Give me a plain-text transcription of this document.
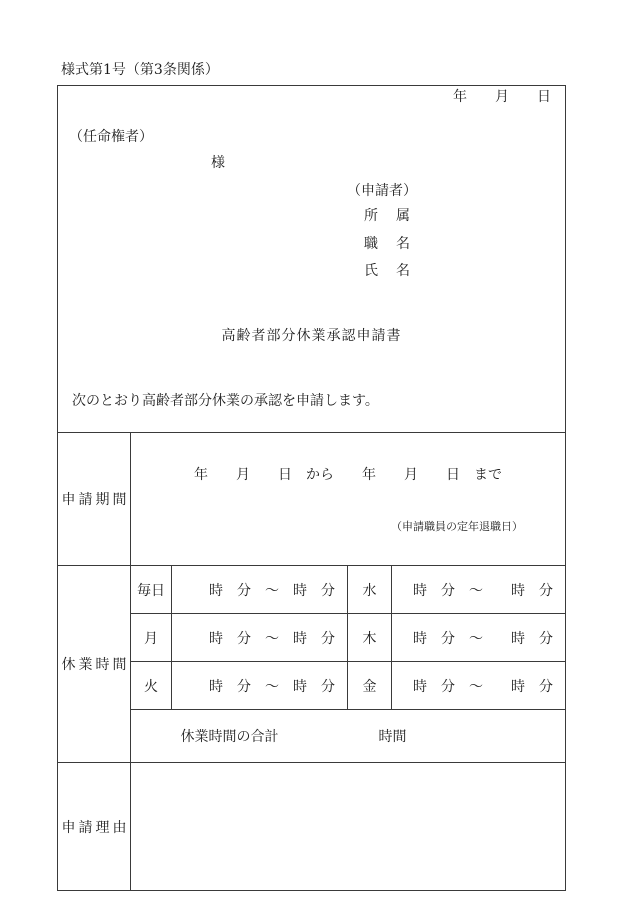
様式第1号（第3条関係）
年　　月　　日
（任命権者）
様
（申請者）
所　属
職　名
氏　名
高齢者部分休業承認申請書
次のとおり高齢者部分休業の承認を申請します。
申請期間	年　　月　　日　から　　年　　月　　日　まで

（申請職員の定年退職日）			

休業時間	毎日	時　分　～　時　分	水	時　分　～　　時　分
	月	時　分　～　時　分	木	時　分　～　　時　分
	火	時　分　～　時　分	金	時　分　～　　時　分

休業時間の合計 時間			

申請理由				
